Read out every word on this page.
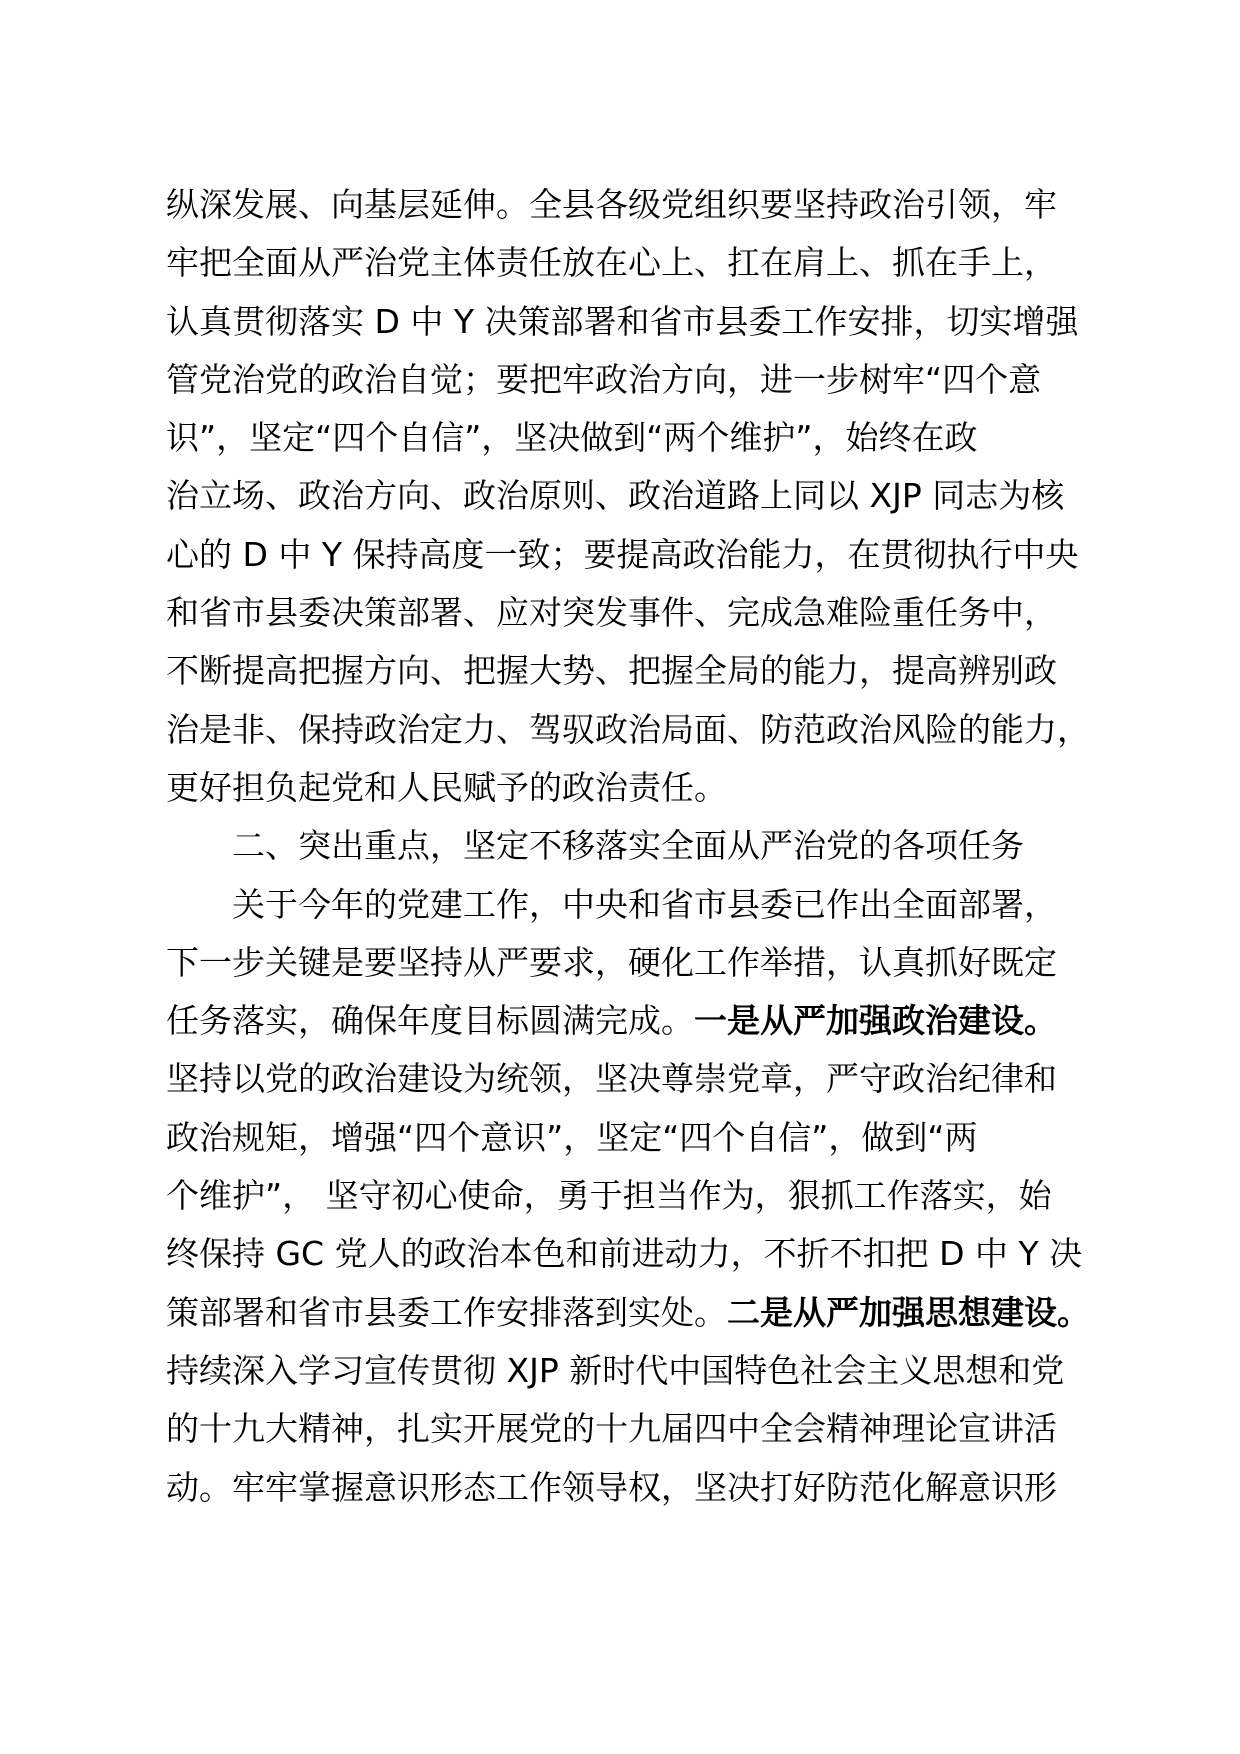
纵深发展、向基层延伸。全县各级党组织要坚持政治引领，牢
牢把全面从严治党主体责任放在心上、扛在肩上、抓在手上，
认真贯彻落实 D 中 Y 决策部署和省市县委工作安排，切实增强
管党治党的政治自觉；要把牢政治方向，进一步树牢“四个意
识”，坚定“四个自信”，坚决做到“两个维护”，始终在政
治立场、政治方向、政治原则、政治道路上同以 XJP 同志为核
心的 D 中 Y 保持高度一致；要提高政治能力，在贯彻执行中央
和省市县委决策部署、应对突发事件、完成急难险重任务中，
不断提高把握方向、把握大势、把握全局的能力，提高辨别政
治是非、保持政治定力、驾驭政治局面、防范政治风险的能力，
更好担负起党和人民赋予的政治责任。
二、突出重点，坚定不移落实全面从严治党的各项任务
关于今年的党建工作，中央和省市县委已作出全面部署，
下一步关键是要坚持从严要求，硬化工作举措，认真抓好既定
任务落实，确保年度目标圆满完成。一是从严加强政治建设。
坚持以党的政治建设为统领，坚决尊崇党章，严守政治纪律和
政治规矩，增强“四个意识”，坚定“四个自信”，做到“两
个维护”， 坚守初心使命，勇于担当作为，狠抓工作落实，始
终保持 GC 党人的政治本色和前进动力，不折不扣把 D 中 Y 决
策部署和省市县委工作安排落到实处。二是从严加强思想建设。
持续深入学习宣传贯彻 XJP 新时代中国特色社会主义思想和党
的十九大精神，扎实开展党的十九届四中全会精神理论宣讲活
动。牢牢掌握意识形态工作领导权，坚决打好防范化解意识形
